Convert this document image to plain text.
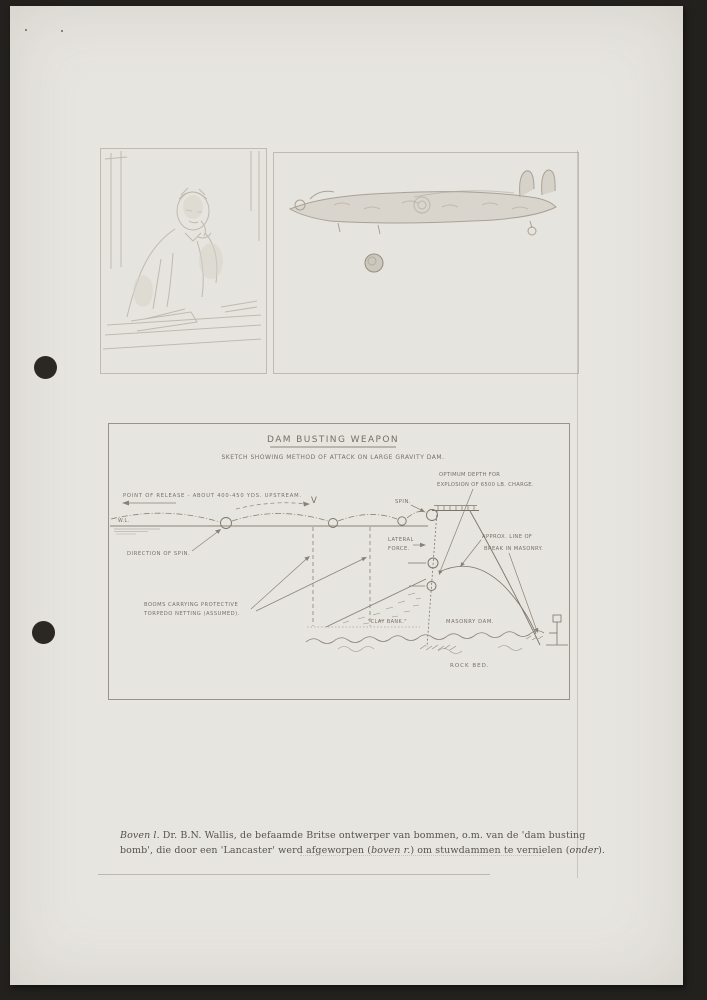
DAM BUSTING WEAPON
SKETCH SHOWING METHOD OF ATTACK ON LARGE GRAVITY DAM.
OPTIMUM DEPTH FOR
EXPLOSION OF 6500 LB. CHARGE.
POINT OF RELEASE - ABOUT 400-450 YDS. UPSTREAM. V
W.L.
DIRECTION OF SPIN.
SPIN.
LATERAL
FORCE.
APPROX. LINE OF
BREAK IN MASONRY.
BOOMS CARRYING PROTECTIVE
TORPEDO NETTING (ASSUMED).
"CLAY BANK."	MASONRY DAM.
ROCK BED.
Boven l. Dr. B.N. Wallis, de befaamde Britse ontwerper van bommen, o.m. van de 'dam busting
bomb', die door een 'Lancaster' werd afgeworpen (boven r.) om stuwdammen te vernielen (onder).
